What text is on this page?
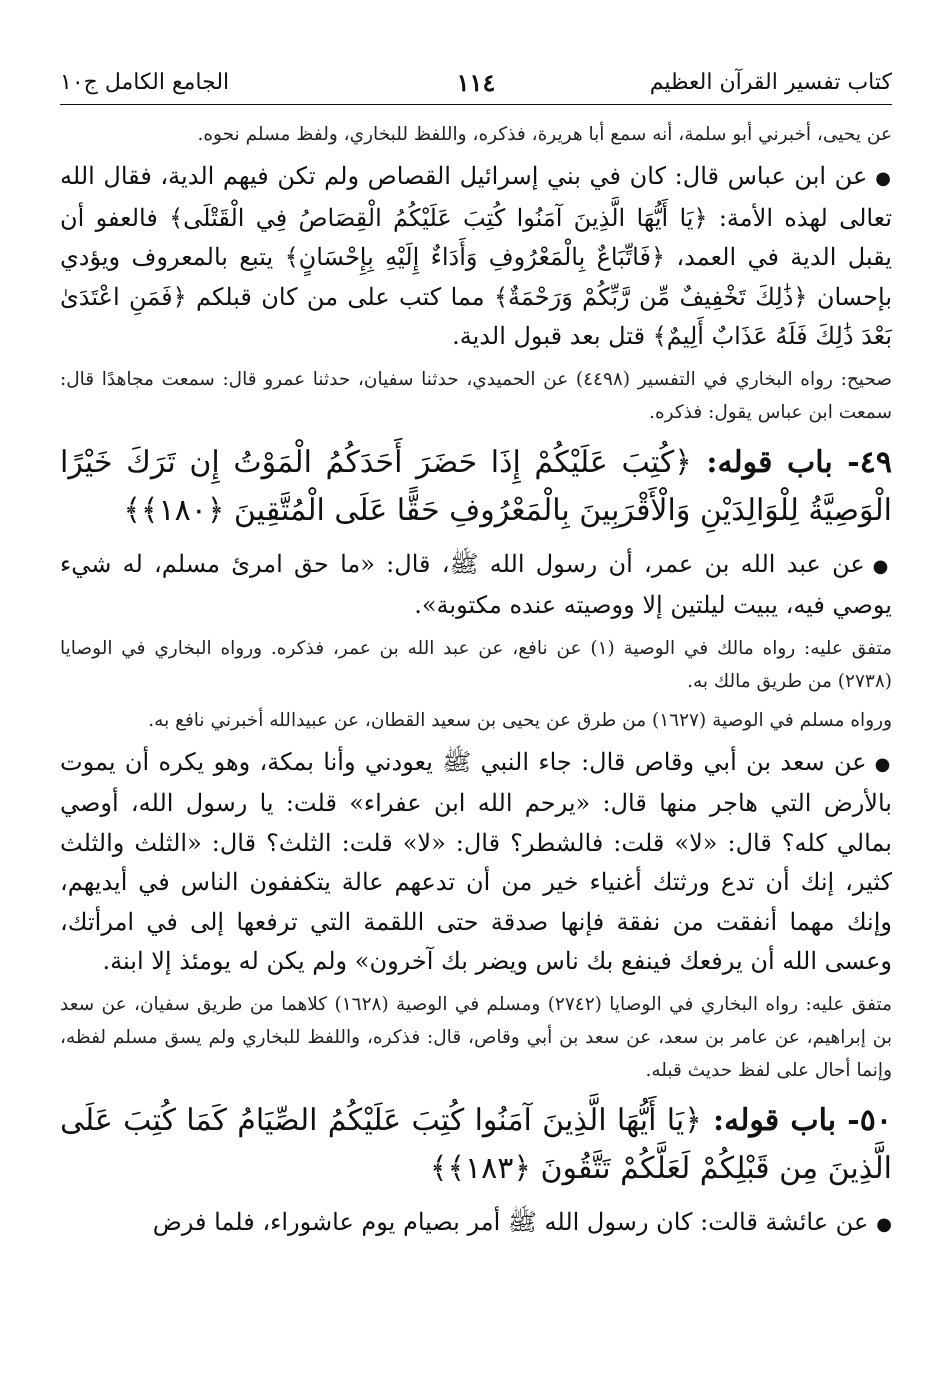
كتاب تفسير القرآن العظيم
١١٤
الجامع الكامل ج١٠

عن يحيى، أخبرني أبو سلمة، أنه سمع أبا هريرة، فذكره، واللفظ للبخاري، ولفظ مسلم نحوه.

●عن ابن عباس قال: كان في بني إسرائيل القصاص ولم تكن فيهم الدية، فقال الله تعالى لهذه الأمة: ﴿يَا أَيُّهَا الَّذِينَ آمَنُوا كُتِبَ عَلَيْكُمُ الْقِصَاصُ فِي الْقَتْلَى﴾ فالعفو أن يقبل الدية في العمد، ﴿فَاتِّبَاعٌ بِالْمَعْرُوفِ وَأَدَاءٌ إِلَيْهِ بِإِحْسَانٍ﴾ يتبع بالمعروف ويؤدي بإحسان ﴿ذَٰلِكَ تَخْفِيفٌ مِّن رَّبِّكُمْ وَرَحْمَةٌ﴾ مما كتب على من كان قبلكم ﴿فَمَنِ اعْتَدَىٰ بَعْدَ ذَٰلِكَ فَلَهُ عَذَابٌ أَلِيمٌ﴾ قتل بعد قبول الدية.

صحيح: رواه البخاري في التفسير (٤٤٩٨) عن الحميدي، حدثنا سفيان، حدثنا عمرو قال: سمعت مجاهدًا قال: سمعت ابن عباس يقول: فذكره.

٤٩- باب قوله: ﴿كُتِبَ عَلَيْكُمْ إِذَا حَضَرَ أَحَدَكُمُ الْمَوْتُ إِن تَرَكَ خَيْرًا الْوَصِيَّةُ لِلْوَالِدَيْنِ وَالْأَقْرَبِينَ بِالْمَعْرُوفِ حَقًّا عَلَى الْمُتَّقِينَ ﴿١٨٠﴾﴾

●عن عبد الله بن عمر، أن رسول الله ﷺ، قال: «ما حق امرئ مسلم، له شيء يوصي فيه، يبيت ليلتين إلا ووصيته عنده مكتوبة».

متفق عليه: رواه مالك في الوصية (١) عن نافع، عن عبد الله بن عمر، فذكره. ورواه البخاري في الوصايا (٢٧٣٨) من طريق مالك به.

ورواه مسلم في الوصية (١٦٢٧) من طرق عن يحيى بن سعيد القطان، عن عبيدالله أخبرني نافع به.

●عن سعد بن أبي وقاص قال: جاء النبي ﷺ يعودني وأنا بمكة، وهو يكره أن يموت بالأرض التي هاجر منها قال: «يرحم الله ابن عفراء» قلت: يا رسول الله، أوصي بمالي كله؟ قال: «لا» قلت: فالشطر؟ قال: «لا» قلت: الثلث؟ قال: «الثلث والثلث كثير، إنك أن تدع ورثتك أغنياء خير من أن تدعهم عالة يتكففون الناس في أيديهم، وإنك مهما أنفقت من نفقة فإنها صدقة حتى اللقمة التي ترفعها إلى في امرأتك، وعسى الله أن يرفعك فينفع بك ناس ويضر بك آخرون» ولم يكن له يومئذ إلا ابنة.

متفق عليه: رواه البخاري في الوصايا (٢٧٤٢) ومسلم في الوصية (١٦٢٨) كلاهما من طريق سفيان، عن سعد بن إبراهيم، عن عامر بن سعد، عن سعد بن أبي وقاص، قال: فذكره، واللفظ للبخاري ولم يسق مسلم لفظه، وإنما أحال على لفظ حديث قبله.

٥٠- باب قوله: ﴿يَا أَيُّهَا الَّذِينَ آمَنُوا كُتِبَ عَلَيْكُمُ الصِّيَامُ كَمَا كُتِبَ عَلَى الَّذِينَ مِن قَبْلِكُمْ لَعَلَّكُمْ تَتَّقُونَ ﴿١٨٣﴾﴾

●عن عائشة قالت: كان رسول الله ﷺ أمر بصيام يوم عاشوراء، فلما فرض
